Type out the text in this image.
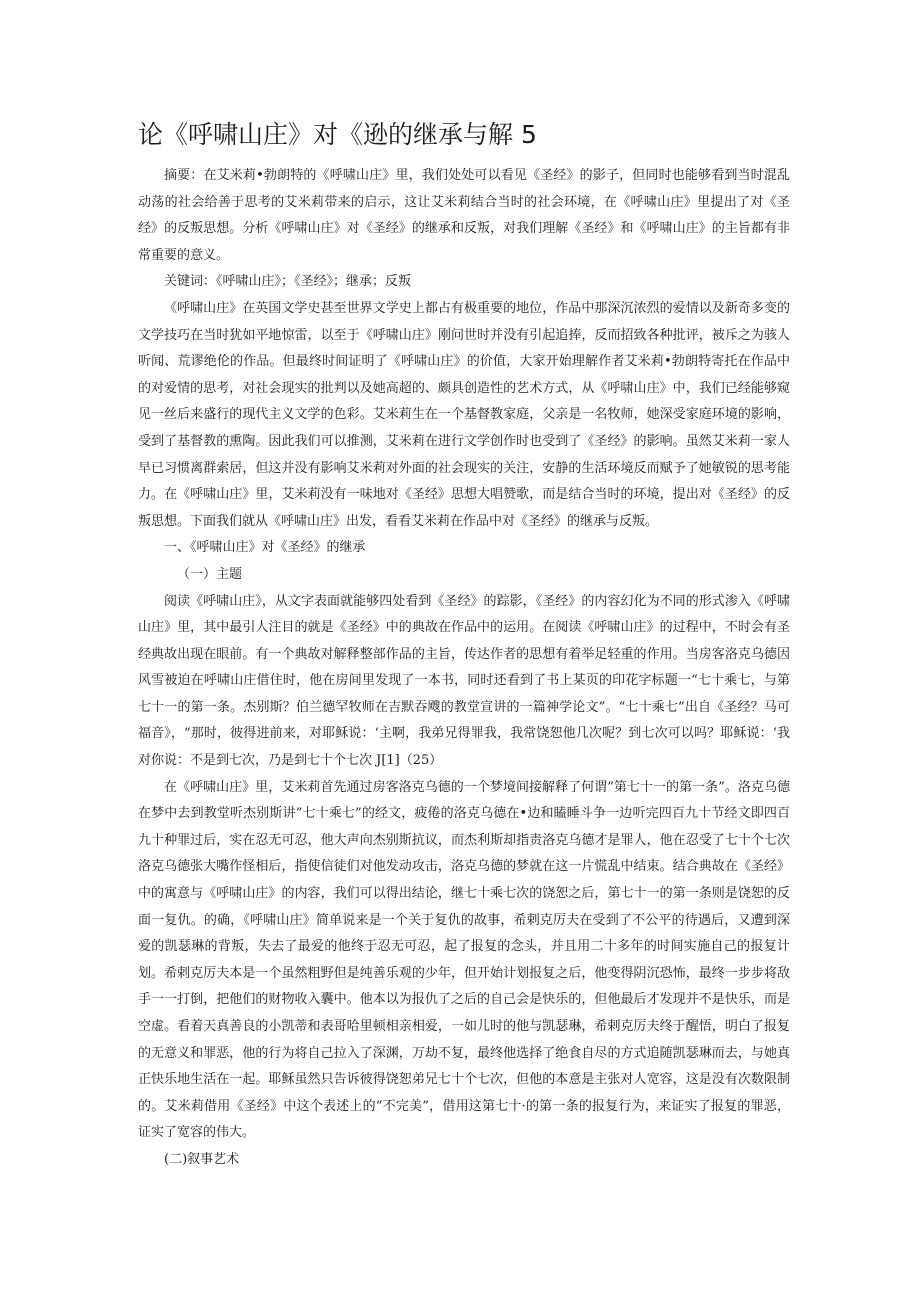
论《呼啸山庄》对《逊的继承与解 5

摘要：在艾米莉•勃朗特的《呼啸山庄》里，我们处处可以看见《圣经》的影子，但同时也能够看到当时混乱动荡的社会给善于思考的艾米莉带来的启示，这让艾米莉结合当时的社会环境，在《呼啸山庄》里提出了对《圣经》的反叛思想。分析《呼啸山庄》对《圣经》的继承和反叛，对我们理解《圣经》和《呼啸山庄》的主旨都有非常重要的意义。

关键词：《呼啸山庄》；《圣经》；继承；反叛

《呼啸山庄》在英国文学史甚至世界文学史上都占有极重要的地位，作品中那深沉浓烈的爱情以及新奇多变的文学技巧在当时犹如平地惊雷，以至于《呼啸山庄》刚问世时并没有引起追捧，反而招致各种批评，被斥之为骇人听闻、荒谬绝伦的作品。但最终时间证明了《呼啸山庄》的价值，大家开始理解作者艾米莉•勃朗特寄托在作品中的对爱情的思考，对社会现实的批判以及她高超的、颇具创造性的艺术方式，从《呼啸山庄》中，我们已经能够窥见一丝后来盛行的现代主义文学的色彩。艾米莉生在一个基督教家庭，父亲是一名牧师，她深受家庭环境的影响，受到了基督教的熏陶。因此我们可以推测，艾米莉在进行文学创作时也受到了《圣经》的影响。虽然艾米莉一家人早已习惯离群索居，但这并没有影响艾米莉对外面的社会现实的关注，安静的生活环境反而赋予了她敏锐的思考能力。在《呼啸山庄》里，艾米莉没有一味地对《圣经》思想大唱赞歌，而是结合当时的环境，提出对《圣经》的反叛思想。下面我们就从《呼啸山庄》出发，看看艾米莉在作品中对《圣经》的继承与反叛。

一、《呼啸山庄》对《圣经》的继承

（一）主题

阅读《呼啸山庄》，从文字表面就能够四处看到《圣经》的踪影，《圣经》的内容幻化为不同的形式渗入《呼啸山庄》里，其中最引人注目的就是《圣经》中的典故在作品中的运用。在阅读《呼啸山庄》的过程中，不时会有圣经典故出现在眼前。有一个典故对解释整部作品的主旨，传达作者的思想有着举足轻重的作用。当房客洛克乌德因风雪被迫在呼啸山庄借住时，他在房间里发现了一本书，同时还看到了书上某页的印花字标题一“七十乘七，与第七十一的第一条。杰别斯？伯兰德罕牧师在吉默吞飕的教堂宣讲的一篇神学论文”。“七十乘七”出自《圣经？马可福音》，“那时，彼得进前来，对耶稣说：‘主啊，我弟兄得罪我，我常饶恕他几次呢？到七次可以吗？耶稣说：‘我对你说：不是到七次，乃是到七十个七次 J[1]（25）

在《呼啸山庄》里，艾米莉首先通过房客洛克乌德的一个梦境间接解释了何谓”第七十一的第一条”。洛克乌德在梦中去到教堂听杰别斯讲”七十乘七”的经文，疲倦的洛克乌德在•边和瞌睡斗争一边听完四百九十节经文即四百九十种罪过后，实在忍无可忍，他大声向杰别斯抗议，而杰利斯却指责洛克乌德才是罪人，他在忍受了七十个七次洛克乌德张大嘴作怪相后，指使信徒们对他发动攻击，洛克乌德的梦就在这一片慌乱中结束。结合典故在《圣经》中的寓意与《呼啸山庄》的内容，我们可以得出结论，继七十乘七次的饶恕之后，第七十一的第一条则是饶恕的反面一复仇。的确，《呼啸山庄》简单说来是一个关于复仇的故事，希剌克厉夫在受到了不公平的待遇后，又遭到深爱的凯瑟琳的背叛，失去了最爱的他终于忍无可忍，起了报复的念头，并且用二十多年的时间实施自己的报复计划。希剌克厉夫本是一个虽然粗野但是纯善乐观的少年，但开始计划报复之后，他变得阴沉恐怖，最终一步步将敌手一一打倒，把他们的财物收入囊中。他本以为报仇了之后的自己会是快乐的，但他最后才发现并不是快乐，而是空虚。看着天真善良的小凯蒂和表哥哈里顿相亲相爱，一如儿时的他与凯瑟琳，希剌克厉夫终于醒悟，明白了报复的无意义和罪恶，他的行为将自己拉入了深渊，万劫不复，最终他选择了绝食自尽的方式追随凯瑟琳而去，与她真正快乐地生活在一起。耶稣虽然只告诉彼得饶恕弟兄七十个七次，但他的本意是主张对人宽容，这是没有次数限制的。艾米莉借用《圣经》中这个表述上的“不完美”，借用这第七十·的第一条的报复行为，来证实了报复的罪恶，证实了宽容的伟大。

(二)叙事艺术
